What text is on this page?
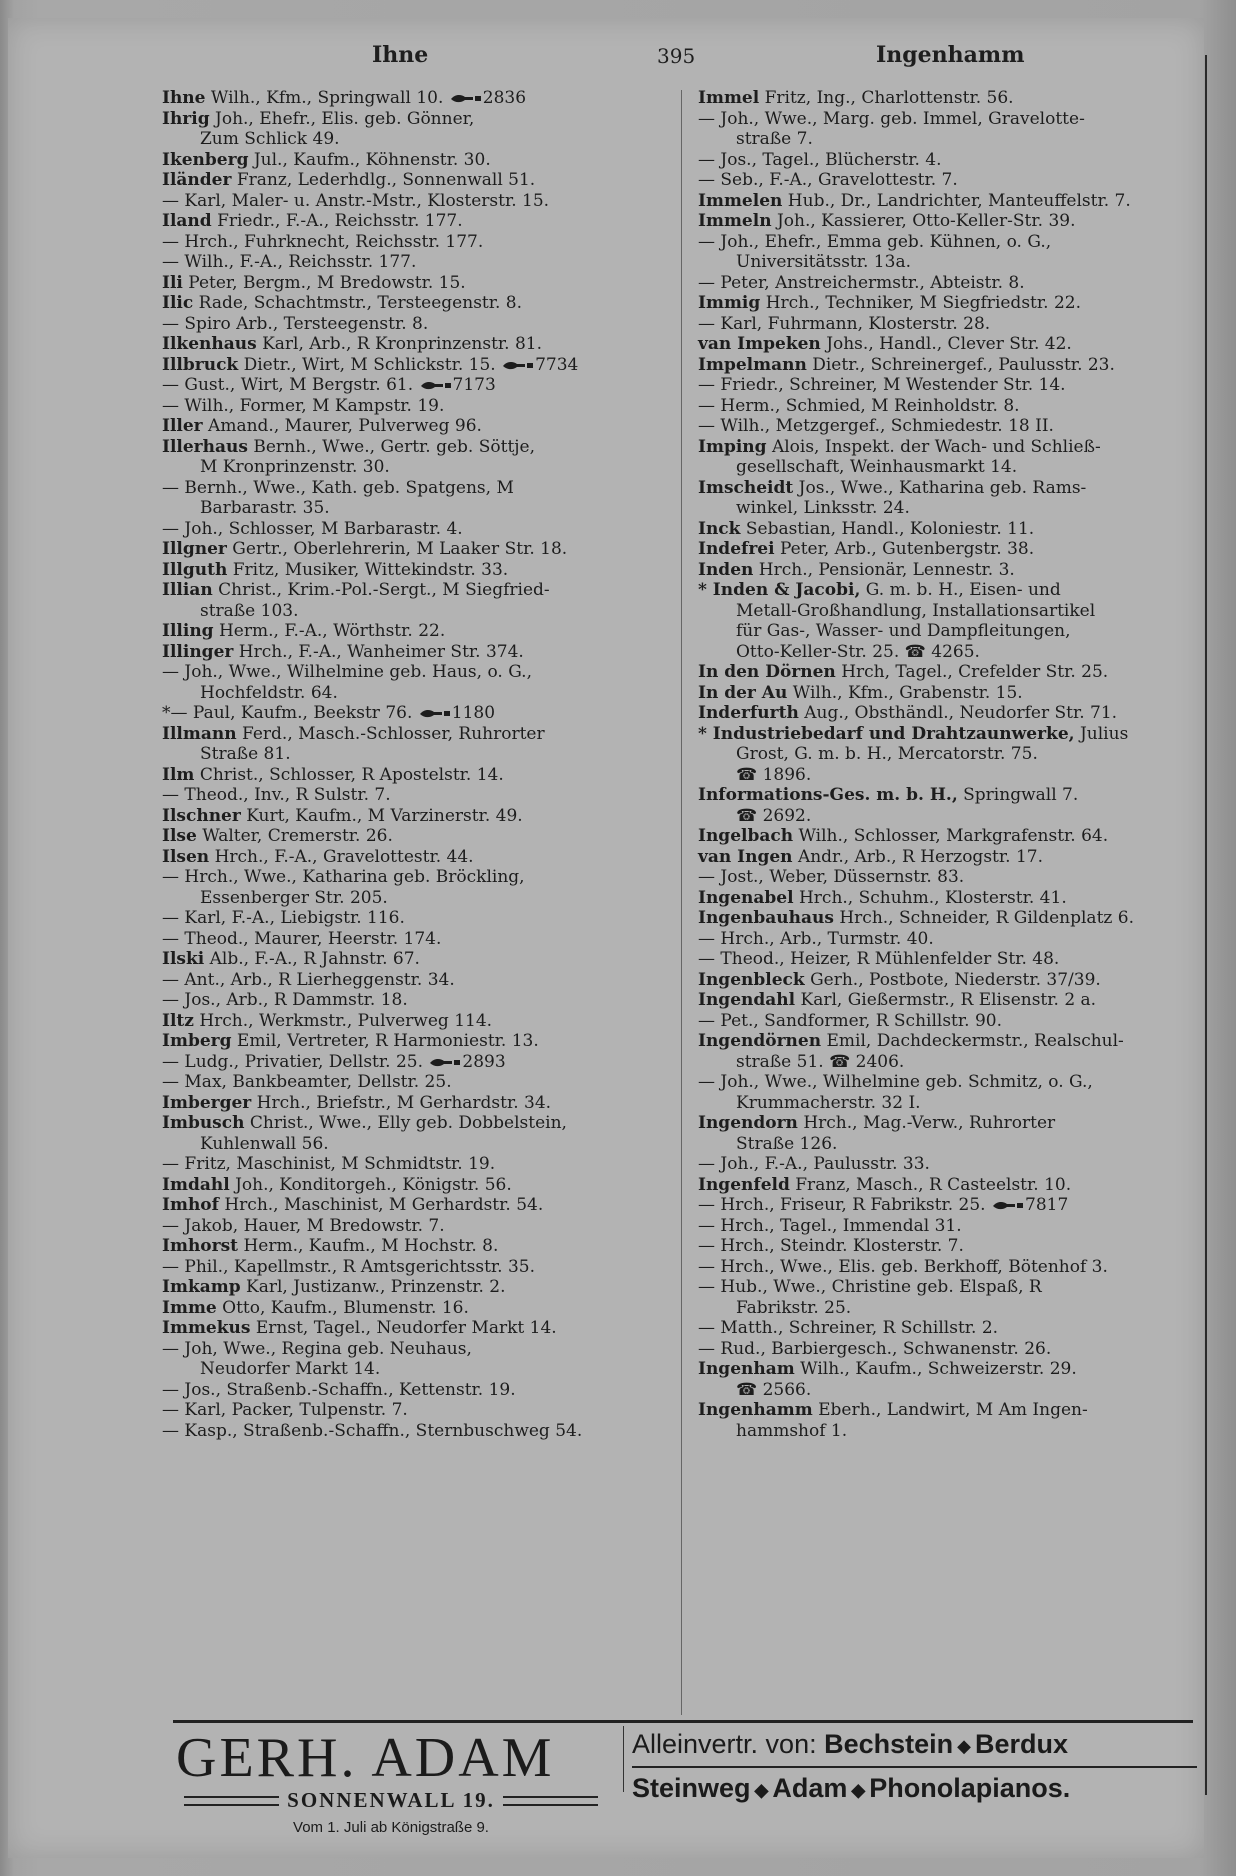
Ihne	395	Ingenhamm
Ihne Wilh., Kfm., Springwall 10. 2836
Ihrig Joh., Ehefr., Elis. geb. Gönner,
Zum Schlick 49.
Ikenberg Jul., Kaufm., Köhnenstr. 30.
Iländer Franz, Lederhdlg., Sonnenwall 51.
— Karl, Maler- u. Anstr.-Mstr., Klosterstr. 15.
Iland Friedr., F.-A., Reichsstr. 177.
— Hrch., Fuhrknecht, Reichsstr. 177.
— Wilh., F.-A., Reichsstr. 177.
Ili Peter, Bergm., M Bredowstr. 15.
Ilic Rade, Schachtmstr., Tersteegenstr. 8.
— Spiro Arb., Tersteegenstr. 8.
Ilkenhaus Karl, Arb., R Kronprinzenstr. 81.
Illbruck Dietr., Wirt, M Schlickstr. 15. 7734
— Gust., Wirt, M Bergstr. 61. 7173
— Wilh., Former, M Kampstr. 19.
Iller Amand., Maurer, Pulverweg 96.
Illerhaus Bernh., Wwe., Gertr. geb. Söttje,
M Kronprinzenstr. 30.
— Bernh., Wwe., Kath. geb. Spatgens, M
Barbarastr. 35.
— Joh., Schlosser, M Barbarastr. 4.
Illgner Gertr., Oberlehrerin, M Laaker Str. 18.
Illguth Fritz, Musiker, Wittekindstr. 33.
Illian Christ., Krim.-Pol.-Sergt., M Siegfried-
straße 103.
Illing Herm., F.-A., Wörthstr. 22.
Illinger Hrch., F.-A., Wanheimer Str. 374.
— Joh., Wwe., Wilhelmine geb. Haus, o. G.,
Hochfeldstr. 64.
*— Paul, Kaufm., Beekstr 76. 1180
Illmann Ferd., Masch.-Schlosser, Ruhrorter
Straße 81.
Ilm Christ., Schlosser, R Apostelstr. 14.
— Theod., Inv., R Sulstr. 7.
Ilschner Kurt, Kaufm., M Varzinerstr. 49.
Ilse Walter, Cremerstr. 26.
Ilsen Hrch., F.-A., Gravelottestr. 44.
— Hrch., Wwe., Katharina geb. Bröckling,
Essenberger Str. 205.
— Karl, F.-A., Liebigstr. 116.
— Theod., Maurer, Heerstr. 174.
Ilski Alb., F.-A., R Jahnstr. 67.
— Ant., Arb., R Lierheggenstr. 34.
— Jos., Arb., R Dammstr. 18.
Iltz Hrch., Werkmstr., Pulverweg 114.
Imberg Emil, Vertreter, R Harmoniestr. 13.
— Ludg., Privatier, Dellstr. 25. 2893
— Max, Bankbeamter, Dellstr. 25.
Imberger Hrch., Briefstr., M Gerhardstr. 34.
Imbusch Christ., Wwe., Elly geb. Dobbelstein,
Kuhlenwall 56.
— Fritz, Maschinist, M Schmidtstr. 19.
Imdahl Joh., Konditorgeh., Königstr. 56.
Imhof Hrch., Maschinist, M Gerhardstr. 54.
— Jakob, Hauer, M Bredowstr. 7.
Imhorst Herm., Kaufm., M Hochstr. 8.
— Phil., Kapellmstr., R Amtsgerichtsstr. 35.
Imkamp Karl, Justizanw., Prinzenstr. 2.
Imme Otto, Kaufm., Blumenstr. 16.
Immekus Ernst, Tagel., Neudorfer Markt 14.
— Joh, Wwe., Regina geb. Neuhaus,
Neudorfer Markt 14.
— Jos., Straßenb.-Schaffn., Kettenstr. 19.
— Karl, Packer, Tulpenstr. 7.
— Kasp., Straßenb.-Schaffn., Sternbuschweg 54.
Immel Fritz, Ing., Charlottenstr. 56.
— Joh., Wwe., Marg. geb. Immel, Gravelotte-
straße 7.
— Jos., Tagel., Blücherstr. 4.
— Seb., F.-A., Gravelottestr. 7.
Immelen Hub., Dr., Landrichter, Manteuffelstr. 7.
Immeln Joh., Kassierer, Otto-Keller-Str. 39.
— Joh., Ehefr., Emma geb. Kühnen, o. G.,
Universitätsstr. 13a.
— Peter, Anstreichermstr., Abteistr. 8.
Immig Hrch., Techniker, M Siegfriedstr. 22.
— Karl, Fuhrmann, Klosterstr. 28.
van Impeken Johs., Handl., Clever Str. 42.
Impelmann Dietr., Schreinergef., Paulusstr. 23.
— Friedr., Schreiner, M Westender Str. 14.
— Herm., Schmied, M Reinholdstr. 8.
— Wilh., Metzgergef., Schmiedestr. 18 II.
Imping Alois, Inspekt. der Wach- und Schließ-
gesellschaft, Weinhausmarkt 14.
Imscheidt Jos., Wwe., Katharina geb. Rams-
winkel, Linksstr. 24.
Inck Sebastian, Handl., Koloniestr. 11.
Indefrei Peter, Arb., Gutenbergstr. 38.
Inden Hrch., Pensionär, Lennestr. 3.
* Inden & Jacobi, G. m. b. H., Eisen- und
Metall-Großhandlung, Installationsartikel
für Gas-, Wasser- und Dampfleitungen,
Otto-Keller-Str. 25. ☎ 4265.
In den Dörnen Hrch, Tagel., Crefelder Str. 25.
In der Au Wilh., Kfm., Grabenstr. 15.
Inderfurth Aug., Obsthändl., Neudorfer Str. 71.
* Industriebedarf und Drahtzaunwerke, Julius
Grost, G. m. b. H., Mercatorstr. 75.
☎ 1896.
Informations-Ges. m. b. H., Springwall 7.
☎ 2692.
Ingelbach Wilh., Schlosser, Markgrafenstr. 64.
van Ingen Andr., Arb., R Herzogstr. 17.
— Jost., Weber, Düssernstr. 83.
Ingenabel Hrch., Schuhm., Klosterstr. 41.
Ingenbauhaus Hrch., Schneider, R Gildenplatz 6.
— Hrch., Arb., Turmstr. 40.
— Theod., Heizer, R Mühlenfelder Str. 48.
Ingenbleck Gerh., Postbote, Niederstr. 37/39.
Ingendahl Karl, Gießermstr., R Elisenstr. 2 a.
— Pet., Sandformer, R Schillstr. 90.
Ingendörnen Emil, Dachdeckermstr., Realschul-
straße 51. ☎ 2406.
— Joh., Wwe., Wilhelmine geb. Schmitz, o. G.,
Krummacherstr. 32 I.
Ingendorn Hrch., Mag.-Verw., Ruhrorter
Straße 126.
— Joh., F.-A., Paulusstr. 33.
Ingenfeld Franz, Masch., R Casteelstr. 10.
— Hrch., Friseur, R Fabrikstr. 25. 7817
— Hrch., Tagel., Immendal 31.
— Hrch., Steindr. Klosterstr. 7.
— Hrch., Wwe., Elis. geb. Berkhoff, Bötenhof 3.
— Hub., Wwe., Christine geb. Elspaß, R
Fabrikstr. 25.
— Matth., Schreiner, R Schillstr. 2.
— Rud., Barbiergesch., Schwanenstr. 26.
Ingenham Wilh., Kaufm., Schweizerstr. 29.
☎ 2566.
Ingenhamm Eberh., Landwirt, M Am Ingen-
hammshof 1.
GERH. ADAM
SONNENWALL 19.
Vom 1. Juli ab Königstraße 9.
Alleinvertr. von: Bechstein ◆ Berdux
Steinweg ◆ Adam ◆ Phonolapianos.
